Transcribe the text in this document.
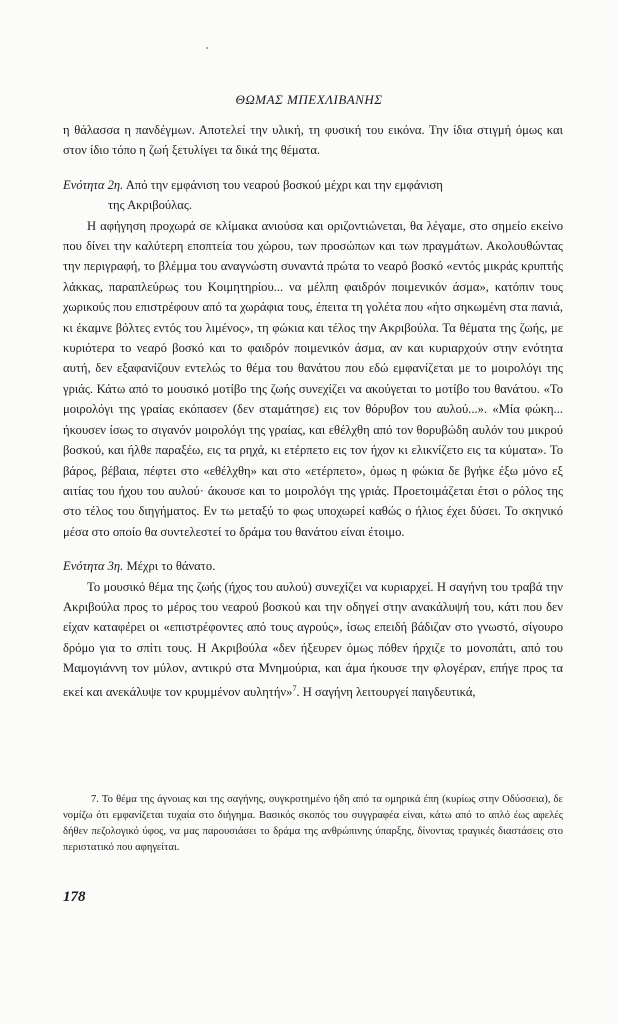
ΘΩΜΑΣ ΜΠΕΧΛΙΒΑΝΗΣ

η θάλασσα η πανδέγμων. Αποτελεί την υλική, τη φυσική του εικόνα. Την ίδια στιγμή όμως και στον ίδιο τόπο η ζωή ξετυλίγει τα δικά της θέματα.

Ενότητα 2η. Από την εμφάνιση του νεαρού βοσκού μέχρι και την εμφάνιση

της Ακριβούλας.

Η αφήγηση προχωρά σε κλίμακα ανιούσα και οριζοντιώνεται, θα λέγαμε, στο σημείο εκείνο που δίνει την καλύτερη εποπτεία του χώρου, των προσώπων και των πραγμάτων. Ακολουθώντας την περιγραφή, το βλέμμα του αναγνώστη συναντά πρώτα το νεαρό βοσκό «εντός μικράς κρυπτής λάκκας, παραπλεύρως του Κοιμητηρίου... να μέλπη φαιδρόν ποιμενικόν άσμα», κατόπιν τους χωρικούς που επιστρέφουν από τα χωράφια τους, έπειτα τη γολέτα που «ήτο σηκωμένη στα πανιά, κι έκαμνε βόλτες εντός του λιμένος», τη φώκια και τέλος την Ακριβούλα. Τα θέματα της ζωής, με κυριότερα το νεαρό βοσκό και το φαιδρόν ποιμενικόν άσμα, αν και κυριαρχούν στην ενότητα αυτή, δεν εξαφανίζουν εντελώς το θέμα του θανάτου που εδώ εμφανίζεται με το μοιρολόγι της γριάς. Κάτω από το μουσικό μοτίβο της ζωής συνεχίζει να ακούγεται το μοτίβο του θανάτου. «Το μοιρολόγι της γραίας εκόπασεν (δεν σταμάτησε) εις τον θόρυβον του αυλού...». «Μία φώκη... ήκουσεν ίσως το σιγανόν μοιρολόγι της γραίας, και εθέλχθη από τον θορυβώδη αυλόν του μικρού βοσκού, και ήλθε παραξέω, εις τα ρηχά, κι ετέρπετο εις τον ήχον κι ελικνίζετο εις τα κύματα». Το βάρος, βέβαια, πέφτει στο «εθέλχθη» και στο «ετέρπετο», όμως η φώκια δε βγήκε έξω μόνο εξ αιτίας του ήχου του αυλού· άκουσε και το μοιρολόγι της γριάς. Προετοιμάζεται έτσι ο ρόλος της στο τέλος του διηγήματος. Εν τω μεταξύ το φως υποχωρεί καθώς ο ήλιος έχει δύσει. Το σκηνικό μέσα στο οποίο θα συντελεστεί το δράμα του θανάτου είναι έτοιμο.

Ενότητα 3η. Μέχρι το θάνατο.

Το μουσικό θέμα της ζωής (ήχος του αυλού) συνεχίζει να κυριαρχεί. Η σαγήνη του τραβά την Ακριβούλα προς το μέρος του νεαρού βοσκού και την οδηγεί στην ανακάλυψή του, κάτι που δεν είχαν καταφέρει οι «επιστρέφοντες από τους αγρούς», ίσως επειδή βάδιζαν στο γνωστό, σίγουρο δρόμο για το σπίτι τους. Η Ακριβούλα «δεν ήξευρεν όμως πόθεν ήρχιζε το μονοπάτι, από του Μαμογιάννη τον μύλον, αντικρύ στα Μνημούρια, και άμα ήκουσε την φλογέραν, επήγε προς τα εκεί και ανεκάλυψε τον κρυμμένον αυλητήν»$^7$. Η σαγήνη λειτουργεί παιγδευτικά,

7. Το θέμα της άγνοιας και της σαγήνης, συγκροτημένο ήδη από τα ομηρικά έπη (κυρίως στην Οδύσσεια), δε νομίζω ότι εμφανίζεται τυχαία στο διήγημα. Βασικός σκοπός του συγγραφέα είναι, κάτω από το απλό έως αφελές δήθεν πεζολογικό ύφος, να μας παρουσιάσει το δράμα της ανθρώπινης ύπαρξης, δίνοντας τραγικές διαστάσεις στο περιστατικό που αφηγείται.

178
